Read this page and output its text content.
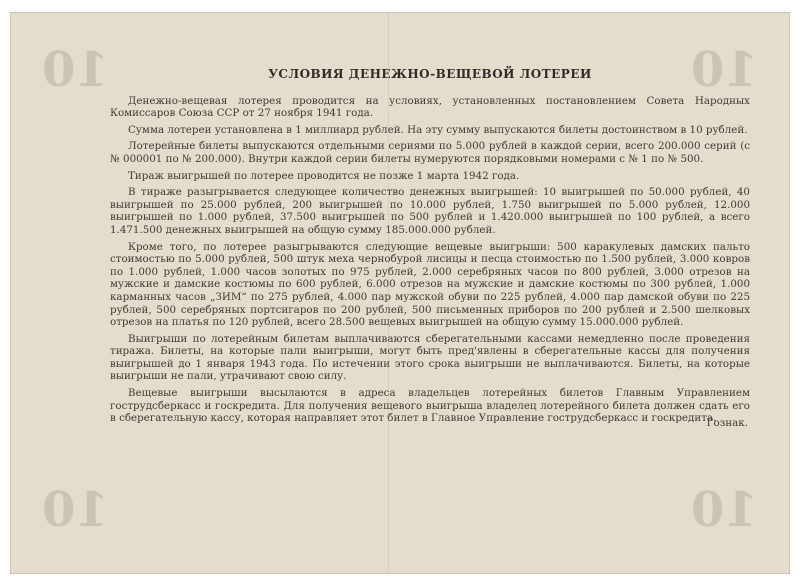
10	10
10	10
УСЛОВИЯ ДЕНЕЖНО-ВЕЩЕВОЙ ЛОТЕРЕИ

Денежно-вещевая лотерея проводится на условиях, установленных постановлением Совета Народных Комиссаров Союза ССР от 27 ноября 1941 года.

Сумма лотереи установлена в 1 миллиард рублей. На эту сумму выпускаются билеты достоинством в 10 рублей.

Лотерейные билеты выпускаются отдельными сериями по 5.000 рублей в каждой серии, всего 200.000 серий (с № 000001 по № 200.000). Внутри каждой серии билеты нумеруются порядковыми номерами с № 1 по № 500.

Тираж выигрышей по лотерее проводится не позже 1 марта 1942 года.

В тираже разыгрывается следующее количество денежных выигрышей: 10 выигрышей по 50.000 рублей, 40 выигрышей по 25.000 рублей, 200 выигрышей по 10.000 рублей, 1.750 выигрышей по 5.000 рублей, 12.000 выигрышей по 1.000 рублей, 37.500 выигрышей по 500 рублей и 1.420.000 выигрышей по 100 рублей, а всего 1.471.500 денежных выигрышей на общую сумму 185.000.000 рублей.

Кроме того, по лотерее разыгрываются следующие вещевые выигрыши: 500 каракулевых дамских пальто стоимостью по 5.000 рублей, 500 штук меха чернобурой лисицы и песца стоимостью по 1.500 рублей, 3.000 ковров по 1.000 рублей, 1.000 часов золотых по 975 рублей, 2.000 серебряных часов по 800 рублей, 3.000 отрезов на мужские и дамские костюмы по 600 рублей, 6.000 отрезов на мужские и дамские костюмы по 300 рублей, 1.000 карманных часов „ЗИМ“ по 275 рублей, 4.000 пар мужской обуви по 225 рублей, 4.000 пар дамской обуви по 225 рублей, 500 серебряных портсигаров по 200 рублей, 500 письменных приборов по 200 рублей и 2.500 шелковых отрезов на платья по 120 рублей, всего 28.500 вещевых выигрышей на общую сумму 15.000.000 рублей.

Выигрыши по лотерейным билетам выплачиваются сберегательными кассами немедленно после проведения тиража. Билеты, на которые пали выигрыши, могут быть пред'явлены в сберегательные кассы для получения выигрышей до 1 января 1943 года. По истечении этого срока выигрыши не выплачиваются. Билеты, на которые выигрыши не пали, утрачивают свою силу.

Вещевые выигрыши высылаются в адреса владельцев лотерейных билетов Главным Управлением гострудсберкасс и госкредита. Для получения вещевого выигрыша владелец лотерейного билета должен сдать его в сберегательную кассу, которая направляет этот билет в Главное Управление гострудсберкасс и госкредита.

Гознак.
